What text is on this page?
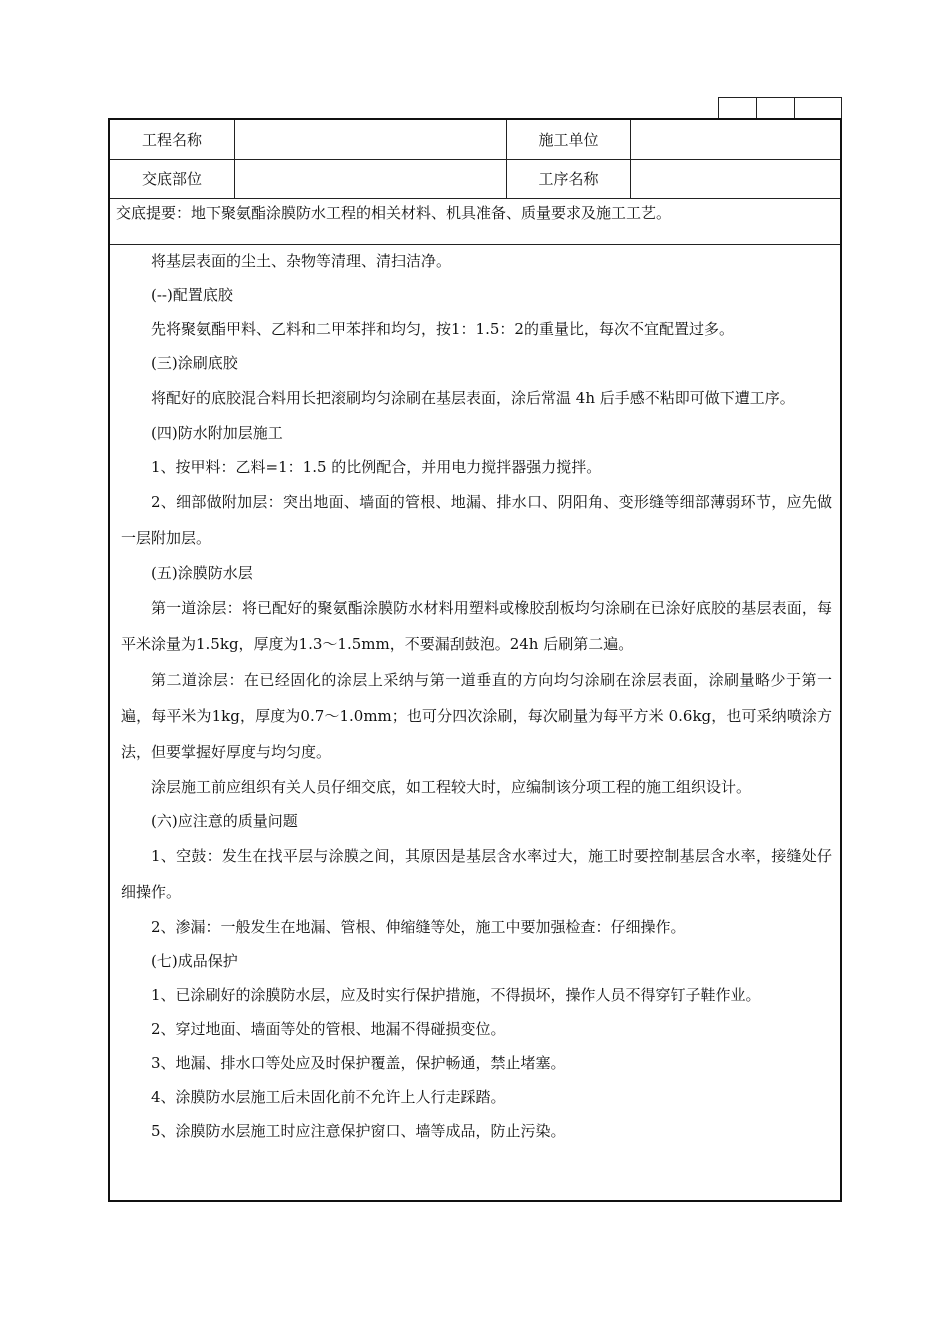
工程名称	施工单位
交底部位	工序名称
交底提要：地下聚氨酯涂膜防水工程的相关材料、机具准备、质量要求及施工工艺。

将基层表面的尘土、杂物等清理、清扫洁净。

(--)配置底胶

先将聚氨酯甲料、乙料和二甲苯拌和均匀，按1：1.5：2的重量比，每次不宜配置过多。

(三)涂刷底胶

将配好的底胶混合料用长把滚刷均匀涂刷在基层表面，涂后常温 4h 后手感不粘即可做下遭工序。

(四)防水附加层施工

1、按甲料：乙料=1：1.5 的比例配合，并用电力搅拌器强力搅拌。

2、细部做附加层：突出地面、墙面的管根、地漏、排水口、阴阳角、变形缝等细部薄弱环节，应先做一层附加层。

(五)涂膜防水层

第一道涂层：将已配好的聚氨酯涂膜防水材料用塑料或橡胶刮板均匀涂刷在已涂好底胶的基层表面，每平米涂量为1.5kg，厚度为1.3～1.5mm，不要漏刮鼓泡。24h 后刷第二遍。

第二道涂层：在已经固化的涂层上采纳与第一道垂直的方向均匀涂刷在涂层表面，涂刷量略少于第一遍，每平米为1kg，厚度为0.7～1.0mm；也可分四次涂刷，每次刷量为每平方米 0.6kg，也可采纳喷涂方法，但要掌握好厚度与均匀度。

涂层施工前应组织有关人员仔细交底，如工程较大时，应编制该分项工程的施工组织设计。

(六)应注意的质量问题

1、空鼓：发生在找平层与涂膜之间，其原因是基层含水率过大，施工时要控制基层含水率，接缝处仔细操作。

2、渗漏：一般发生在地漏、管根、伸缩缝等处，施工中要加强检查：仔细操作。

(七)成品保护

1、已涂刷好的涂膜防水层，应及时实行保护措施，不得损坏，操作人员不得穿钉子鞋作业。

2、穿过地面、墙面等处的管根、地漏不得碰损变位。

3、地漏、排水口等处应及时保护覆盖，保护畅通，禁止堵塞。

4、涂膜防水层施工后未固化前不允许上人行走踩踏。

5、涂膜防水层施工时应注意保护窗口、墙等成品，防止污染。
